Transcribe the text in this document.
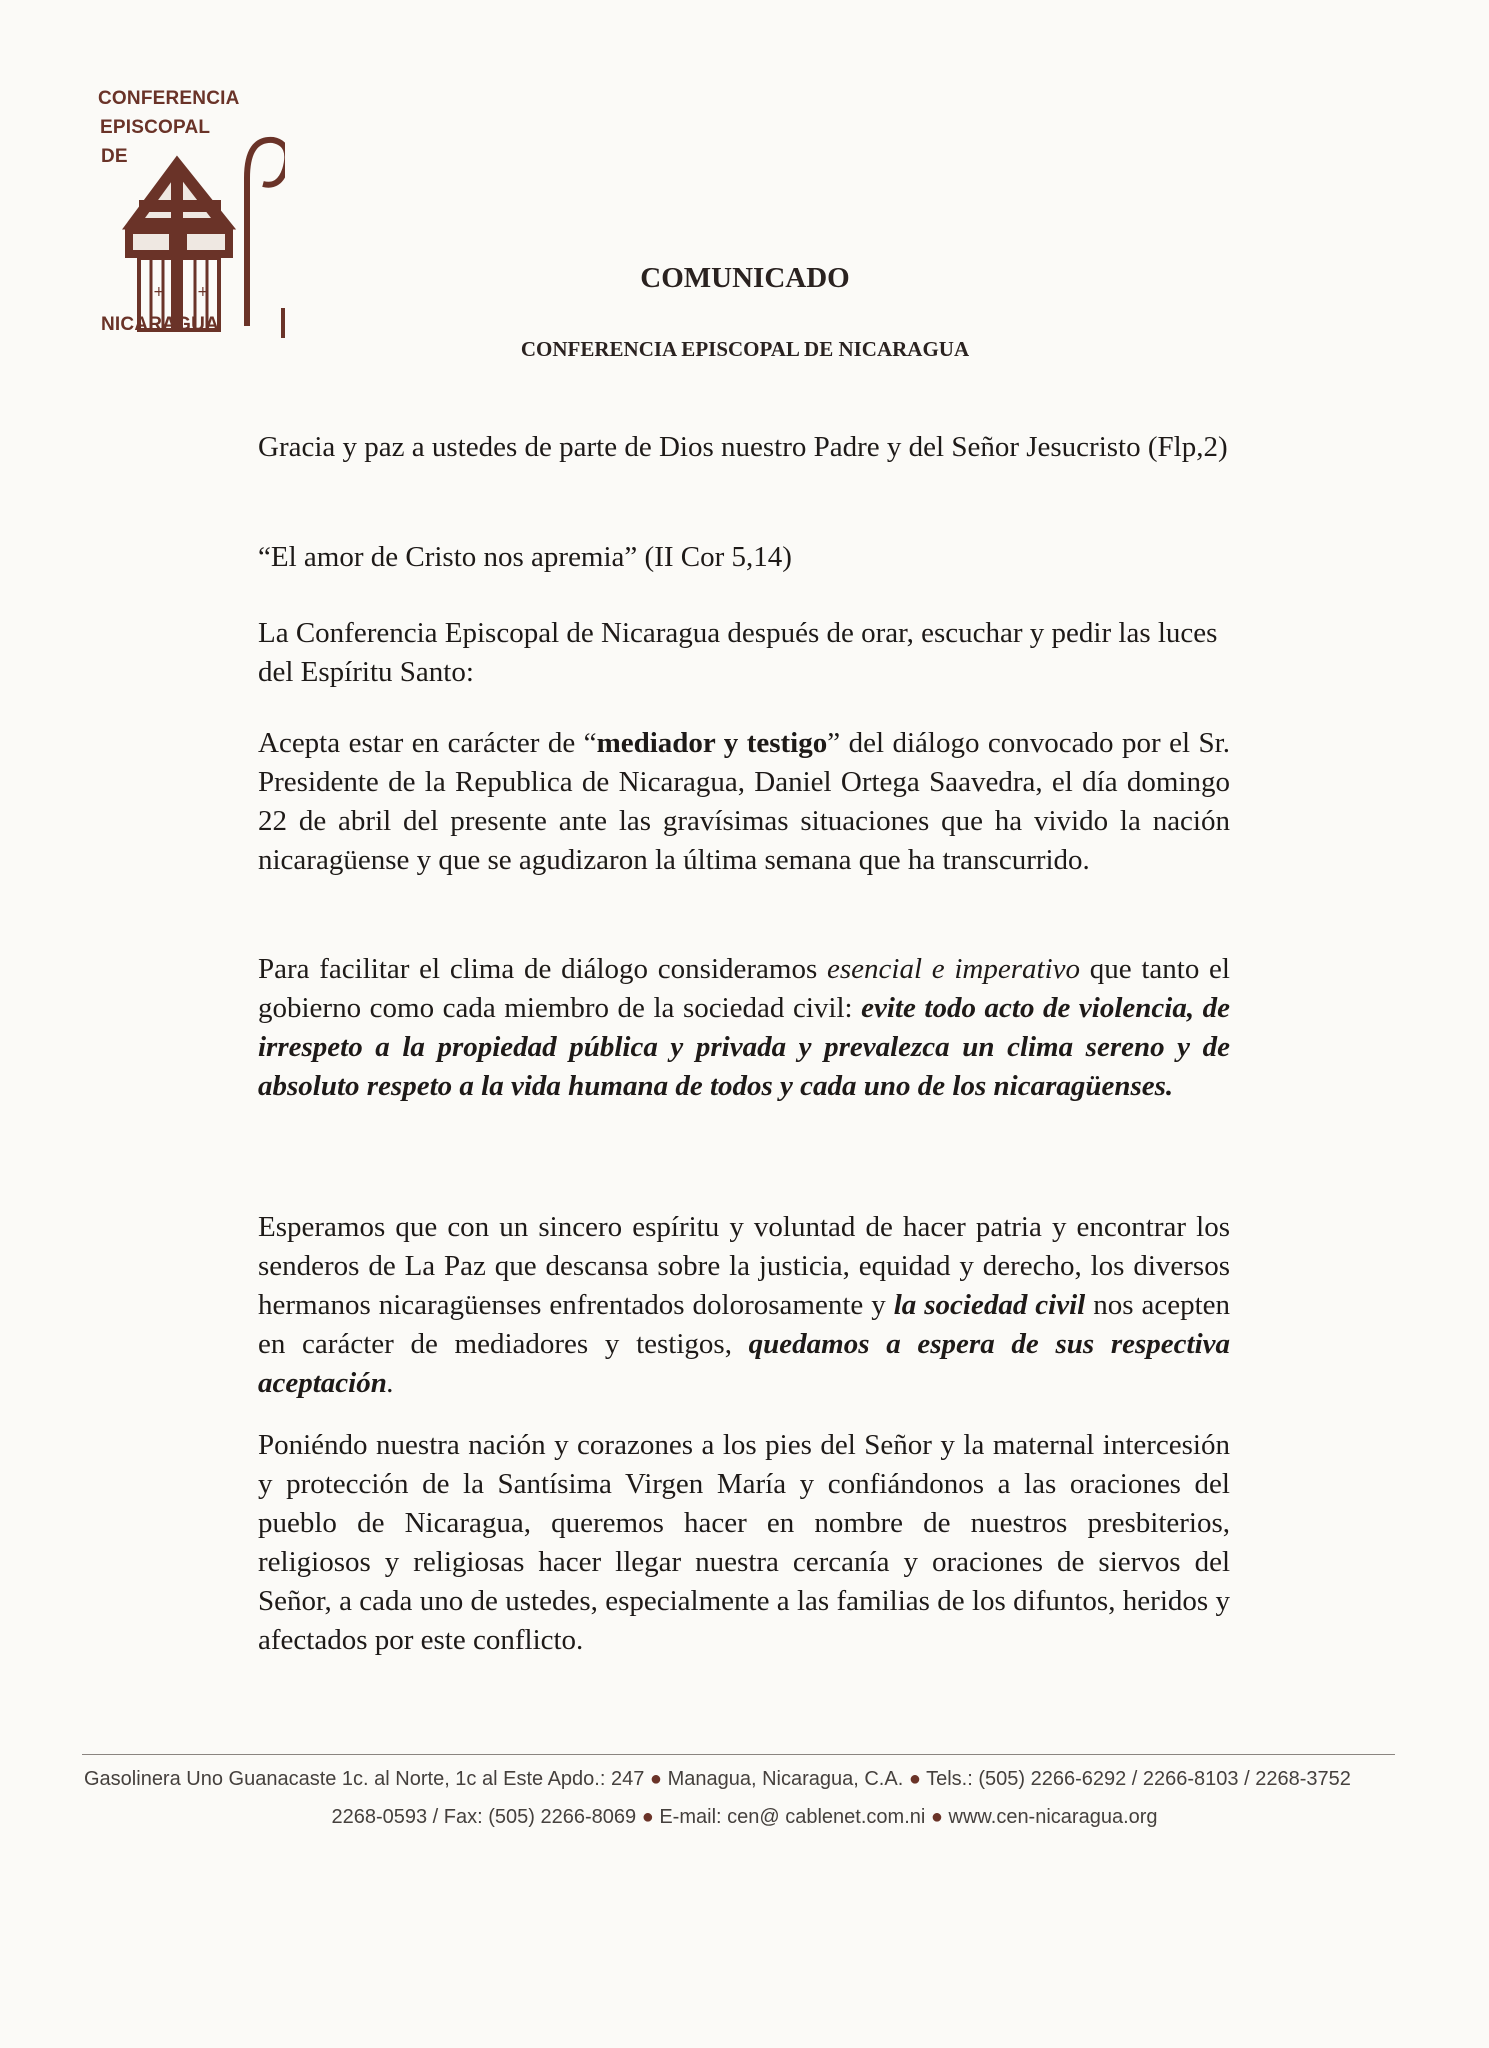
CONFERENCIA
EPISCOPAL
DE
+ +
NICARAGUA
COMUNICADO
CONFERENCIA EPISCOPAL DE NICARAGUA

Gracia y paz a ustedes de parte de Dios nuestro Padre y del Señor Jesucristo (Flp,2)

“El amor de Cristo nos apremia” (II Cor 5,14)

La Conferencia Episcopal de Nicaragua después de orar, escuchar y pedir las luces del Espíritu Santo:

Acepta estar en carácter de “mediador y testigo” del diálogo convocado por el Sr. Presidente de la Republica de Nicaragua, Daniel Ortega Saavedra, el día domingo 22 de abril del presente ante las gravísimas situaciones que ha vivido la nación nicaragüense y que se agudizaron la última semana que ha transcurrido.

Para facilitar el clima de diálogo consideramos esencial e imperativo que tanto el gobierno como cada miembro de la sociedad civil: evite todo acto de violencia, de irrespeto a la propiedad pública y privada y prevalezca un clima sereno y de absoluto respeto a la vida humana de todos y cada uno de los nicaragüenses.

Esperamos que con un sincero espíritu y voluntad de hacer patria y encontrar los senderos de La Paz que descansa sobre la justicia, equidad y derecho, los diversos hermanos nicaragüenses enfrentados dolorosamente y la sociedad civil nos acepten en carácter de mediadores y testigos, quedamos a espera de sus respectiva aceptación.

Poniéndo nuestra nación y corazones a los pies del Señor y la maternal intercesión y protección de la Santísima Virgen María y confiándonos a las oraciones del pueblo de Nicaragua, queremos hacer en nombre de nuestros presbiterios, religiosos y religiosas hacer llegar nuestra cercanía y oraciones de siervos del Señor, a cada uno de ustedes, especialmente a las familias de los difuntos, heridos y afectados por este conflicto.

Gasolinera Uno Guanacaste 1c. al Norte, 1c al Este Apdo.: 247 ● Managua, Nicaragua, C.A. ● Tels.: (505) 2266-6292 / 2266-8103 / 2268-3752
2268-0593 / Fax: (505) 2266-8069 ● E-mail: cen@ cablenet.com.ni ● www.cen-nicaragua.org
